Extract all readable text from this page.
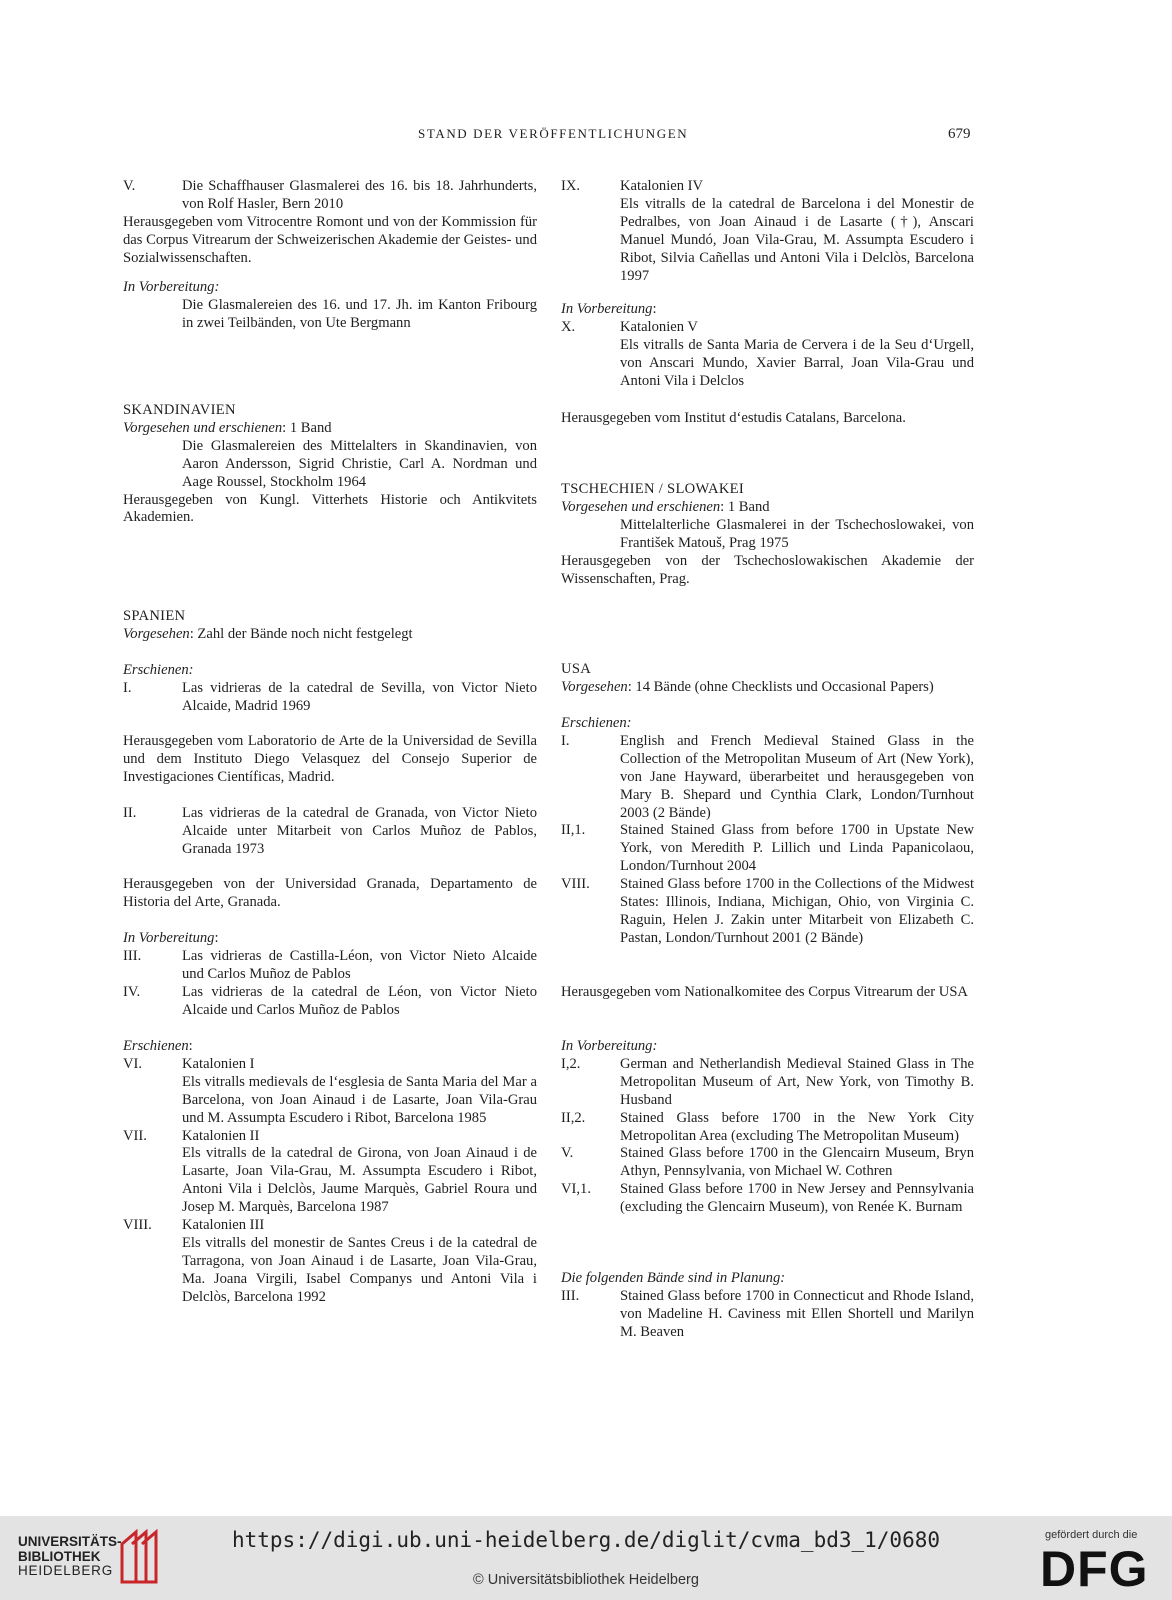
STAND DER VERÖFFENTLICHUNGEN	679
V.	Die Schaffhauser Glasmalerei des 16. bis 18. Jahrhunderts, von Rolf Hasler, Bern 2010

Herausgegeben vom Vitrocentre Romont und von der Kommission für das Corpus Vitrearum der Schweizerischen Akademie der Geistes- und Sozialwissenschaften.

In Vorbereitung:
Die Glasmalereien des 16. und 17. Jh. im Kanton Fribourg in zwei Teilbänden, von Ute Bergmann
SKANDINAVIEN
Vorgesehen und erschienen: 1 Band
Die Glasmalereien des Mittelalters in Skandinavien, von Aaron Andersson, Sigrid Christie, Carl A. Nordman und Aage Roussel, Stockholm 1964

Herausgegeben von Kungl. Vitterhets Historie och Antikvitets Akademien.

SPANIEN
Vorgesehen: Zahl der Bände noch nicht festgelegt
Erschienen:
I.	Las vidrieras de la catedral de Sevilla, von Victor Nieto Alcaide, Madrid 1969

Herausgegeben vom Laboratorio de Arte de la Universidad de Sevilla und dem Instituto Diego Velasquez del Consejo Superior de Investigaciones Científicas, Madrid.

II.	Las vidrieras de la catedral de Granada, von Victor Nieto Alcaide unter Mitarbeit von Carlos Muñoz de Pablos, Granada 1973

Herausgegeben von der Universidad Granada, Departamento de Historia del Arte, Granada.

In Vorbereitung:
III.	Las vidrieras de Castilla-Léon, von Victor Nieto Alcaide und Carlos Muñoz de Pablos
IV.	Las vidrieras de la catedral de Léon, von Victor Nieto Alcaide und Carlos Muñoz de Pablos
Erschienen:
VI.	Katalonien I
Els vitralls medievals de l‘esglesia de Santa Maria del Mar a Barcelona, von Joan Ainaud i de Lasarte, Joan Vila-Grau und M. Assumpta Escudero i Ribot, Barcelona 1985
VII.	Katalonien II
Els vitralls de la catedral de Girona, von Joan Ainaud i de Lasarte, Joan Vila-Grau, M. Assumpta Escudero i Ribot, Antoni Vila i Delclòs, Jaume Marquès, Gabriel Roura und Josep M. Marquès, Barcelona 1987
VIII.	Katalonien III
Els vitralls del monestir de Santes Creus i de la catedral de Tarragona, von Joan Ainaud i de Lasarte, Joan Vila-Grau, Ma. Joana Virgili, Isabel Companys und Antoni Vila i Delclòs, Barcelona 1992
IX.	Katalonien IV
Els vitralls de la catedral de Barcelona i del Monestir de Pedralbes, von Joan Ainaud i de Lasarte (†), Anscari Manuel Mundó, Joan Vila-Grau, M. Assumpta Escudero i Ribot, Silvia Cañellas und Antoni Vila i Delclòs, Barcelona 1997
In Vorbereitung:
X.	Katalonien V
Els vitralls de Santa Maria de Cervera i de la Seu d‘Urgell, von Anscari Mundo, Xavier Barral, Joan Vila-Grau und Antoni Vila i Delclos

Herausgegeben vom Institut d‘estudis Catalans, Barcelona.

TSCHECHIEN / SLOWAKEI
Vorgesehen und erschienen: 1 Band
Mittelalterliche Glasmalerei in der Tschechoslowakei, von František Matouš, Prag 1975

Herausgegeben von der Tschechoslowakischen Akademie der Wissenschaften, Prag.

USA
Vorgesehen: 14 Bände (ohne Checklists und Occasional Papers)
Erschienen:
I.	English and French Medieval Stained Glass in the Collection of the Metropolitan Museum of Art (New York), von Jane Hayward, überarbeitet und herausgegeben von Mary B. Shepard und Cynthia Clark, London/Turnhout 2003 (2 Bände)
II,1.	Stained Stained Glass from before 1700 in Upstate New York, von Meredith P. Lillich und Linda Papanicolaou, London/Turnhout 2004
VIII.	Stained Glass before 1700 in the Collections of the Midwest States: Illinois, Indiana, Michigan, Ohio, von Virginia C. Raguin, Helen J. Zakin unter Mitarbeit von Elizabeth C. Pastan, London/Turnhout 2001 (2 Bände)

Herausgegeben vom Nationalkomitee des Corpus Vitrearum der USA

In Vorbereitung:
I,2.	German and Netherlandish Medieval Stained Glass in The Metropolitan Museum of Art, New York, von Timothy B. Husband
II,2.	Stained Glass before 1700 in the New York City Metropolitan Area (excluding The Metropolitan Museum)
V.	Stained Glass before 1700 in the Glencairn Museum, Bryn Athyn, Pennsylvania, von Michael W. Cothren
VI,1.	Stained Glass before 1700 in New Jersey and Pennsylvania (excluding the Glencairn Museum), von Renée K. Burnam
Die folgenden Bände sind in Planung:
III.	Stained Glass before 1700 in Connecticut and Rhode Island, von Madeline H. Caviness mit Ellen Shortell und Marilyn M. Beaven
UNIVERSITÄTS-
BIBLIOTHEK
HEIDELBERG
https://digi.ub.uni-heidelberg.de/diglit/cvma_bd3_1/0680
© Universitätsbibliothek Heidelberg
gefördert durch die
DFG
